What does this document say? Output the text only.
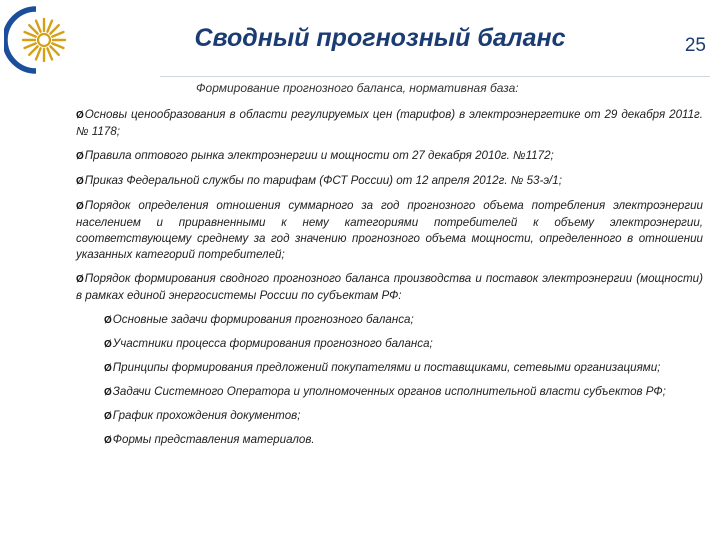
Сводный прогнозный баланс	25
Формирование прогнозного баланса, нормативная база:
ØОсновы ценообразования в области регулируемых цен (тарифов) в электроэнергетике от 29 декабря 2011г. № 1178;
ØПравила оптового рынка электроэнергии и мощности от 27 декабря 2010г. №1172;
ØПриказ Федеральной службы по тарифам (ФСТ России) от 12 апреля 2012г. № 53-э/1;
ØПорядок определения отношения суммарного за год прогнозного объема потребления электроэнергии населением и приравненными к нему категориями потребителей к объему электроэнергии, соответствующему среднему за год значению прогнозного объема мощности, определенного в отношении указанных категорий потребителей;
ØПорядок формирования сводного прогнозного баланса производства и поставок электроэнергии (мощности) в рамках единой энергосистемы России по субъектам РФ:
ØОсновные задачи формирования прогнозного баланса;
ØУчастники процесса формирования прогнозного баланса;
ØПринципы формирования предложений покупателями и поставщиками, сетевыми организациями;
ØЗадачи Системного Оператора и уполномоченных органов исполнительной власти субъектов РФ;
ØГрафик прохождения документов;
ØФормы представления материалов.
